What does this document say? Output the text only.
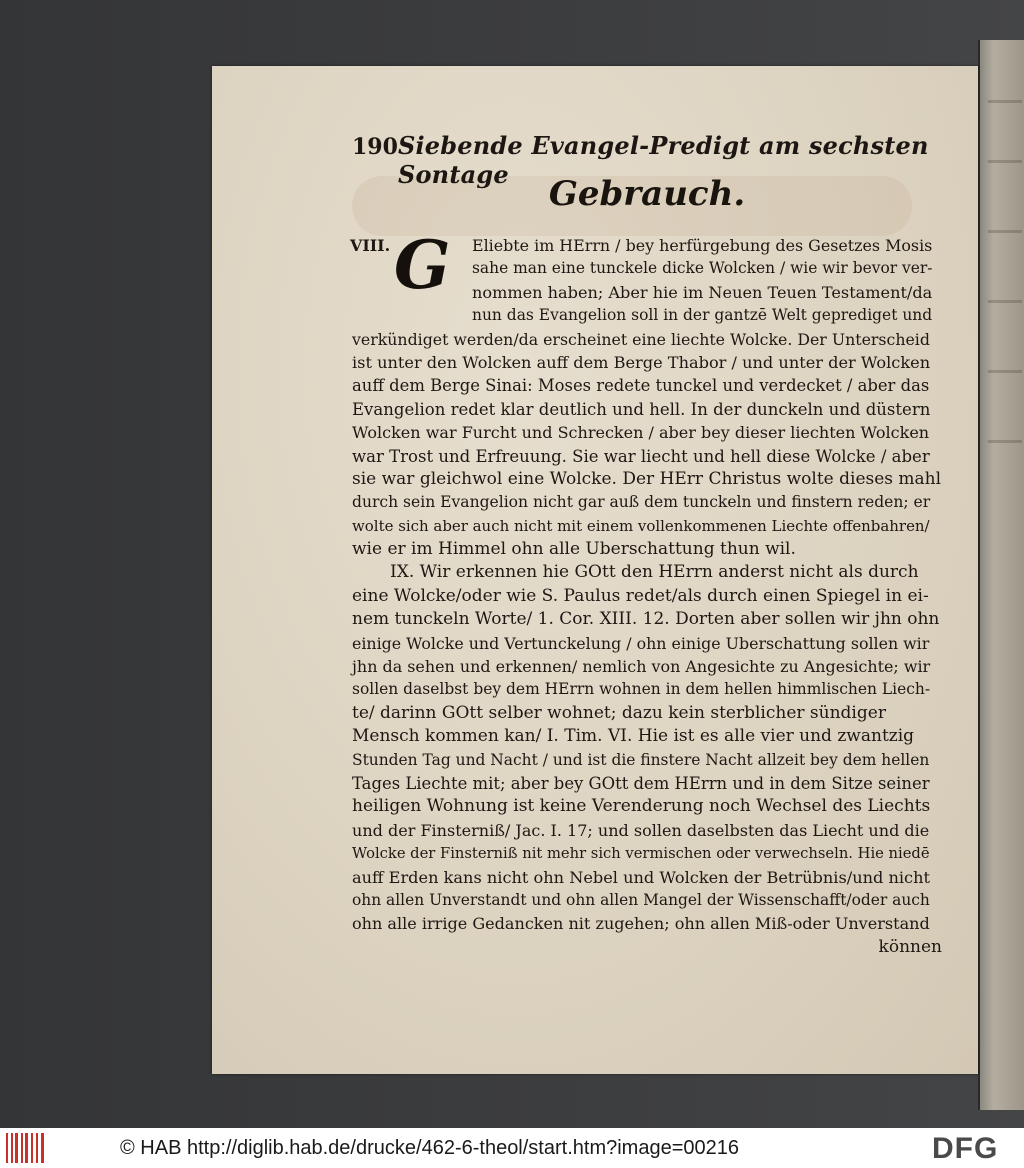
190 Siebende Evangel-Predigt am sechsten Sontage	Gebrauch.
G
VIII.	Eliebte im HErrn / bey herfürgebung des Gesetzes Mosis
sahe man eine tunckele dicke Wolcken / wie wir bevor ver-
nommen haben; Aber hie im Neuen Teuen Testament/da
nun das Evangelion soll in der gantzē Welt geprediget und
verkündiget werden/da erscheinet eine liechte Wolcke. Der Unterscheid
ist unter den Wolcken auff dem Berge Thabor / und unter der Wolcken
auff dem Berge Sinai: Moses redete tunckel und verdecket / aber das
Evangelion redet klar deutlich und hell. In der dunckeln und düstern
Wolcken war Furcht und Schrecken / aber bey dieser liechten Wolcken
war Trost und Erfreuung. Sie war liecht und hell diese Wolcke / aber
sie war gleichwol eine Wolcke. Der HErr Christus wolte dieses mahl
durch sein Evangelion nicht gar auß dem tunckeln und finstern reden; er
wolte sich aber auch nicht mit einem vollenkommenen Liechte offenbahren/
wie er im Himmel ohn alle Uberschattung thun wil.
IX. Wir erkennen hie GOtt den HErrn anderst nicht als durch
eine Wolcke/oder wie S. Paulus redet/als durch einen Spiegel in ei-
nem tunckeln Worte/ 1. Cor. XIII. 12. Dorten aber sollen wir jhn ohn
einige Wolcke und Vertunckelung / ohn einige Uberschattung sollen wir
jhn da sehen und erkennen/ nemlich von Angesichte zu Angesichte; wir
sollen daselbst bey dem HErrn wohnen in dem hellen himmlischen Liech-
te/ darinn GOtt selber wohnet; dazu kein sterblicher sündiger
Mensch kommen kan/ I. Tim. VI. Hie ist es alle vier und zwantzig
Stunden Tag und Nacht / und ist die finstere Nacht allzeit bey dem hellen
Tages Liechte mit; aber bey GOtt dem HErrn und in dem Sitze seiner
heiligen Wohnung ist keine Verenderung noch Wechsel des Liechts
und der Finsterniß/ Jac. I. 17; und sollen daselbsten das Liecht und die
Wolcke der Finsterniß nit mehr sich vermischen oder verwechseln. Hie niedē
auff Erden kans nicht ohn Nebel und Wolcken der Betrübnis/und nicht
ohn allen Unverstandt und ohn allen Mangel der Wissenschafft/oder auch
ohn alle irrige Gedancken nit zugehen; ohn allen Miß-oder Unverstand
können
© HAB http://diglib.hab.de/drucke/462-6-theol/start.htm?image=00216	DFG
